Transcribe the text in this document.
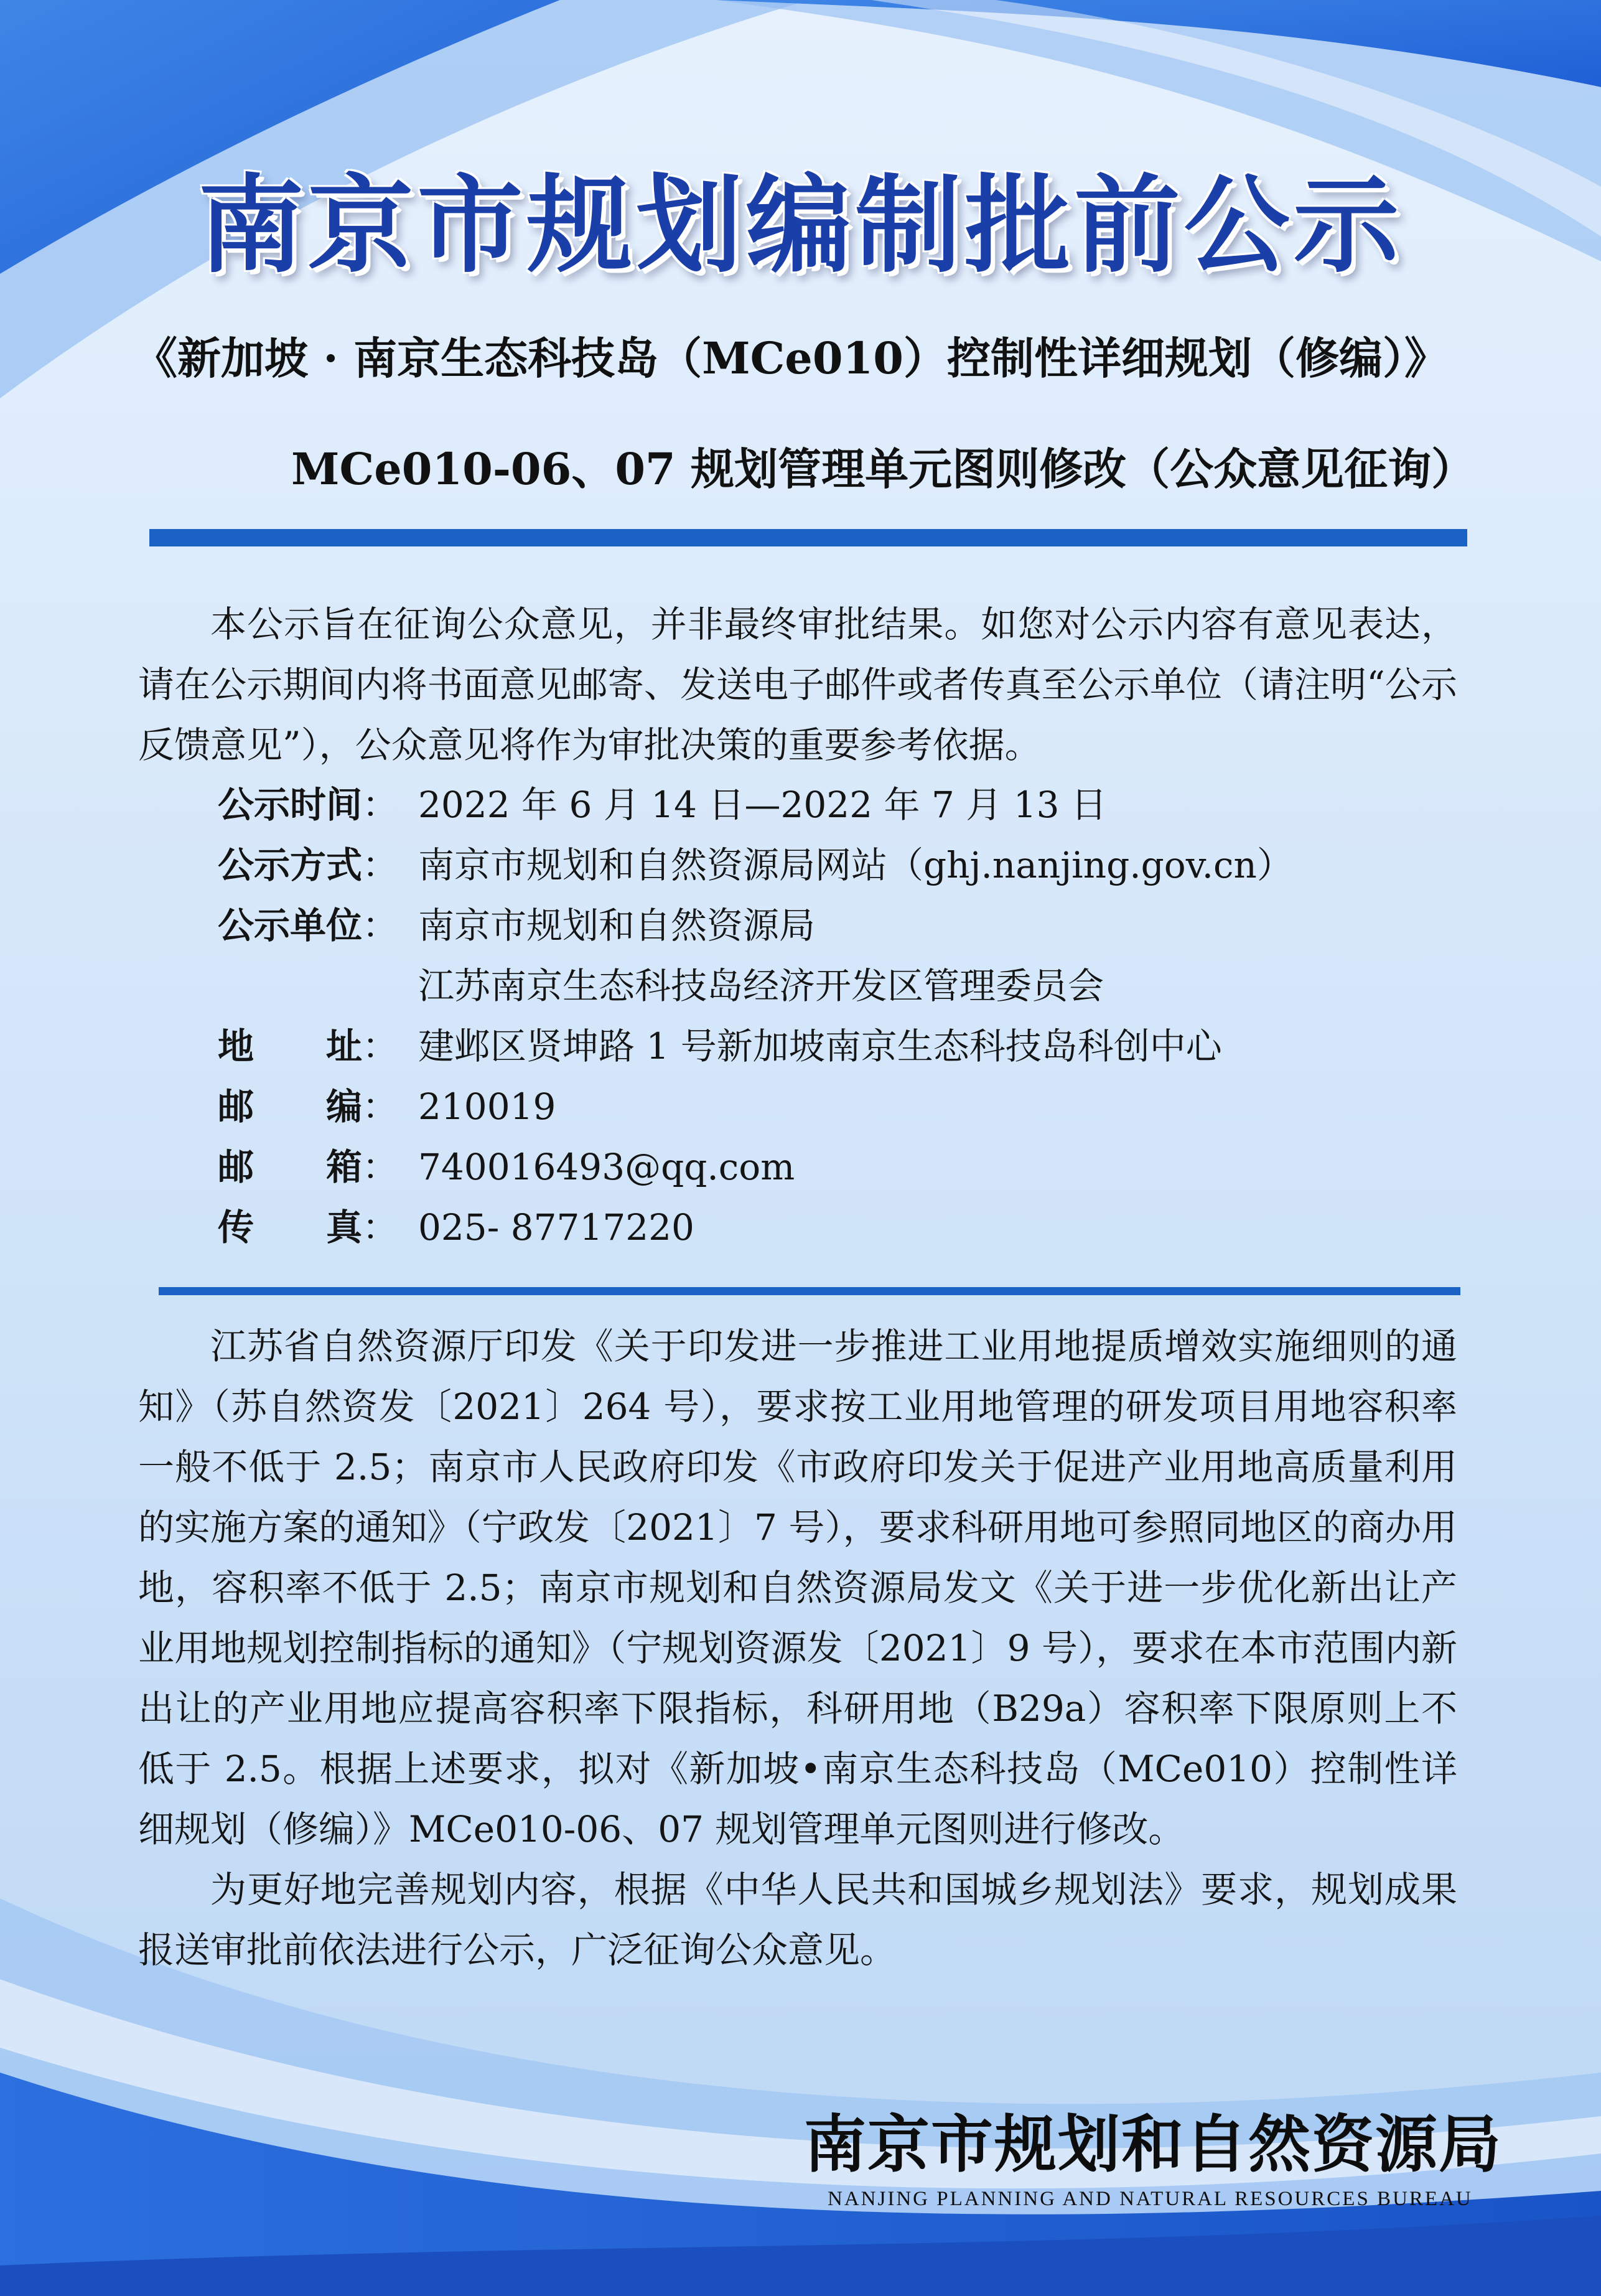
南京市规划编制批前公示
《新加坡 · 南京生态科技岛（MCe010）控制性详细规划（修编）》
MCe010-06、07 规划管理单元图则修改（公众意见征询）

本公示旨在征询公众意见，并非最终审批结果。如您对公示内容有意见表达，请在公示期间内将书面意见邮寄、发送电子邮件或者传真至公示单位（请注明“公示反馈意见”），公众意见将作为审批决策的重要参考依据。

公示时间： 2022 年 6 月 14 日—2022 年 7 月 13 日
公示方式： 南京市规划和自然资源局网站（ghj.nanjing.gov.cn）
公示单位： 南京市规划和自然资源局
江苏南京生态科技岛经济开发区管理委员会
地　　址： 建邺区贤坤路 1 号新加坡南京生态科技岛科创中心
邮　　编： 210019
邮　　箱： 740016493@qq.com
传　　真： 025- 87717220

江苏省自然资源厅印发《关于印发进一步推进工业用地提质增效实施细则的通知》（苏自然资发〔2021〕264 号），要求按工业用地管理的研发项目用地容积率一般不低于 2.5；南京市人民政府印发《市政府印发关于促进产业用地高质量利用的实施方案的通知》（宁政发〔2021〕7 号），要求科研用地可参照同地区的商办用地，容积率不低于 2.5；南京市规划和自然资源局发文《关于进一步优化新出让产业用地规划控制指标的通知》（宁规划资源发〔2021〕9 号），要求在本市范围内新出让的产业用地应提高容积率下限指标，科研用地（B29a）容积率下限原则上不低于 2.5。根据上述要求，拟对《新加坡•南京生态科技岛（MCe010）控制性详细规划（修编）》MCe010-06、07 规划管理单元图则进行修改。

为更好地完善规划内容，根据《中华人民共和国城乡规划法》要求，规划成果报送审批前依法进行公示，广泛征询公众意见。

南京市规划和自然资源局
NANJING PLANNING AND NATURAL RESOURCES BUREAU
